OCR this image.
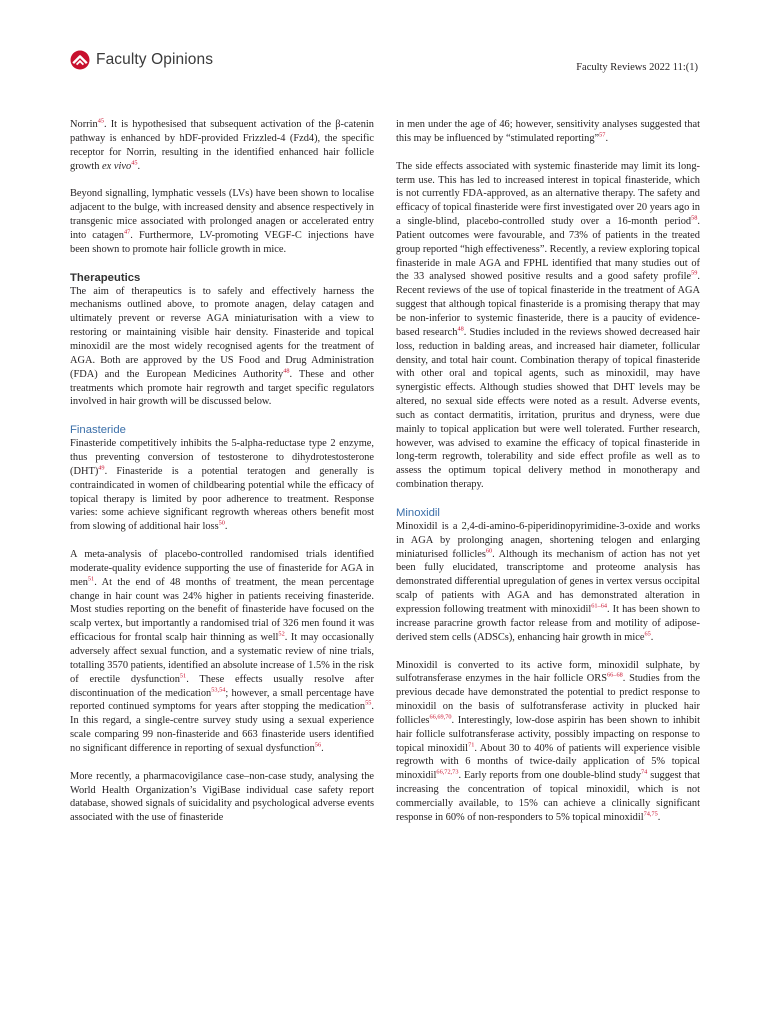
Faculty Opinions	Faculty Reviews 2022 11:(1)

Norrin$^{45}$. It is hypothesised that subsequent activation of the β-catenin pathway is enhanced by hDF-provided Frizzled-4 (Fzd4), the specific receptor for Norrin, resulting in the identified enhanced hair follicle growth ex vivo$^{45}$.

Beyond signalling, lymphatic vessels (LVs) have been shown to localise adjacent to the bulge, with increased density and absence respectively in transgenic mice associated with prolonged anagen or accelerated entry into catagen$^{47}$. Furthermore, LV-promoting VEGF-C injections have been shown to promote hair follicle growth in mice.

Therapeutics

The aim of therapeutics is to safely and effectively harness the mechanisms outlined above, to promote anagen, delay catagen and ultimately prevent or reverse AGA miniaturisation with a view to restoring or maintaining visible hair density. Finasteride and topical minoxidil are the most widely recognised agents for the treatment of AGA. Both are approved by the US Food and Drug Administration (FDA) and the European Medicines Authority$^{48}$. These and other treatments which promote hair regrowth and target specific regulators involved in hair growth will be discussed below.

Finasteride

Finasteride competitively inhibits the 5-alpha-reductase type 2 enzyme, thus preventing conversion of testosterone to dihydrotestosterone (DHT)$^{49}$. Finasteride is a potential teratogen and generally is contraindicated in women of childbearing potential while the efficacy of topical therapy is limited by poor adherence to treatment. Response varies: some achieve significant regrowth whereas others benefit most from slowing of additional hair loss$^{50}$.

A meta-analysis of placebo-controlled randomised trials identified moderate-quality evidence supporting the use of finasteride for AGA in men$^{51}$. At the end of 48 months of treatment, the mean percentage change in hair count was 24% higher in patients receiving finasteride. Most studies reporting on the benefit of finasteride have focused on the scalp vertex, but importantly a randomised trial of 326 men found it was efficacious for frontal scalp hair thinning as well$^{52}$. It may occasionally adversely affect sexual function, and a systematic review of nine trials, totalling 3570 patients, identified an absolute increase of 1.5% in the risk of erectile dysfunction$^{51}$. These effects usually resolve after discontinuation of the medication$^{53,54}$; however, a small percentage have reported continued symptoms for years after stopping the medication$^{55}$. In this regard, a single-centre survey study using a sexual experience scale comparing 99 non-finasteride and 663 finasteride users identified no significant difference in reporting of sexual dysfunction$^{56}$.

More recently, a pharmacovigilance case–non-case study, analysing the World Health Organization’s VigiBase individual case safety report database, showed signals of suicidality and psychological adverse events associated with the use of finasteride

in men under the age of 46; however, sensitivity analyses suggested that this may be influenced by “stimulated reporting”$^{57}$.

The side effects associated with systemic finasteride may limit its long-term use. This has led to increased interest in topical finasteride, which is not currently FDA-approved, as an alternative therapy. The safety and efficacy of topical finasteride were first investigated over 20 years ago in a single-blind, placebo-controlled study over a 16-month period$^{58}$. Patient outcomes were favourable, and 73% of patients in the treated group reported “high effectiveness”. Recently, a review exploring topical finasteride in male AGA and FPHL identified that many studies out of the 33 analysed showed positive results and a good safety profile$^{59}$. Recent reviews of the use of topical finasteride in the treatment of AGA suggest that although topical finasteride is a promising therapy that may be non-inferior to systemic finasteride, there is a paucity of evidence-based research$^{48}$. Studies included in the reviews showed decreased hair loss, reduction in balding areas, and increased hair diameter, follicular density, and total hair count. Combination therapy of topical finasteride with other oral and topical agents, such as minoxidil, may have synergistic effects. Although studies showed that DHT levels may be altered, no sexual side effects were noted as a result. Adverse events, such as contact dermatitis, irritation, pruritus and dryness, were due mainly to topical application but were well tolerated. Further research, however, was advised to examine the efficacy of topical finasteride in long-term regrowth, tolerability and side effect profile as well as to assess the optimum topical delivery method in monotherapy and combination therapy.

Minoxidil

Minoxidil is a 2,4-di-amino-6-piperidinopyrimidine-3-oxide and works in AGA by prolonging anagen, shortening telogen and enlarging miniaturised follicles$^{60}$. Although its mechanism of action has not yet been fully elucidated, transcriptome and proteome analysis has demonstrated differential upregulation of genes in vertex versus occipital scalp of patients with AGA and has demonstrated alteration in expression following treatment with minoxidil$^{61-64}$. It has been shown to increase paracrine growth factor release from and motility of adipose-derived stem cells (ADSCs), enhancing hair growth in mice$^{65}$.

Minoxidil is converted to its active form, minoxidil sulphate, by sulfotransferase enzymes in the hair follicle ORS$^{66-68}$. Studies from the previous decade have demonstrated the potential to predict response to minoxidil on the basis of sulfotransferase activity in plucked hair follicles$^{66,69,70}$. Interestingly, low-dose aspirin has been shown to inhibit hair follicle sulfotransferase activity, possibly impacting on response to topical minoxidil$^{71}$. About 30 to 40% of patients will experience visible regrowth with 6 months of twice-daily application of 5% topical minoxidil$^{66,72,73}$. Early reports from one double-blind study$^{74}$ suggest that increasing the concentration of topical minoxidil, which is not commercially available, to 15% can achieve a clinically significant response in 60% of non-responders to 5% topical minoxidil$^{74,75}$.
